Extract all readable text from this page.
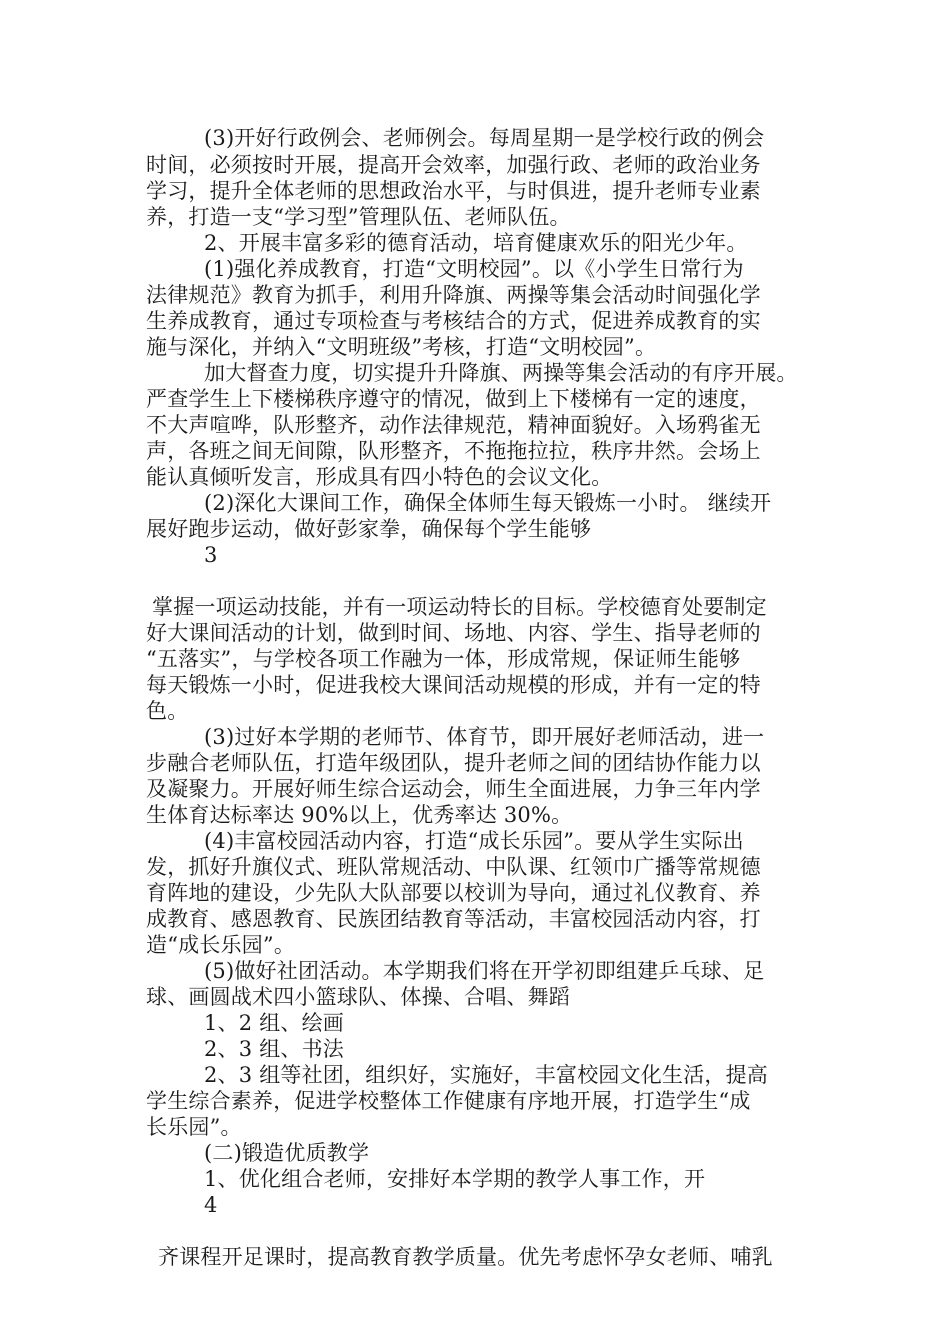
(3)开好行政例会、老师例会。每周星期一是学校行政的例会
时间，必须按时开展，提高开会效率，加强行政、老师的政治业务
学习，提升全体老师的思想政治水平，与时俱进，提升老师专业素
养，打造一支“学习型”管理队伍、老师队伍。
2、开展丰富多彩的德育活动，培育健康欢乐的阳光少年。
(1)强化养成教育，打造“文明校园”。以《小学生日常行为
法律规范》教育为抓手，利用升降旗、两操等集会活动时间强化学
生养成教育，通过专项检查与考核结合的方式，促进养成教育的实
施与深化，并纳入“文明班级”考核，打造“文明校园”。
加大督查力度，切实提升升降旗、两操等集会活动的有序开展。
严查学生上下楼梯秩序遵守的情况，做到上下楼梯有一定的速度，
不大声喧哗，队形整齐，动作法律规范，精神面貌好。入场鸦雀无
声，各班之间无间隙，队形整齐，不拖拖拉拉，秩序井然。会场上
能认真倾听发言，形成具有四小特色的会议文化。
(2)深化大课间工作，确保全体师生每天锻炼一小时。 继续开
展好跑步运动，做好彭家拳，确保每个学生能够
3
掌握一项运动技能，并有一项运动特长的目标。学校德育处要制定
好大课间活动的计划，做到时间、场地、内容、学生、指导老师的
“五落实”，与学校各项工作融为一体，形成常规，保证师生能够
每天锻炼一小时，促进我校大课间活动规模的形成，并有一定的特
色。
(3)过好本学期的老师节、体育节，即开展好老师活动，进一
步融合老师队伍，打造年级团队，提升老师之间的团结协作能力以
及凝聚力。开展好师生综合运动会，师生全面进展，力争三年内学
生体育达标率达 90%以上，优秀率达 30%。
(4)丰富校园活动内容，打造“成长乐园”。要从学生实际出
发，抓好升旗仪式、班队常规活动、中队课、红领巾广播等常规德
育阵地的建设，少先队大队部要以校训为导向，通过礼仪教育、养
成教育、感恩教育、民族团结教育等活动，丰富校园活动内容，打
造“成长乐园”。
(5)做好社团活动。本学期我们将在开学初即组建乒乓球、足
球、画圆战术四小篮球队、体操、合唱、舞蹈
1、2 组、绘画
2、3 组、书法
2、3 组等社团，组织好，实施好，丰富校园文化生活，提高
学生综合素养，促进学校整体工作健康有序地开展，打造学生“成
长乐园”。
(二)锻造优质教学
1、优化组合老师，安排好本学期的教学人事工作，开
4
齐课程开足课时，提高教育教学质量。优先考虑怀孕女老师、哺乳
